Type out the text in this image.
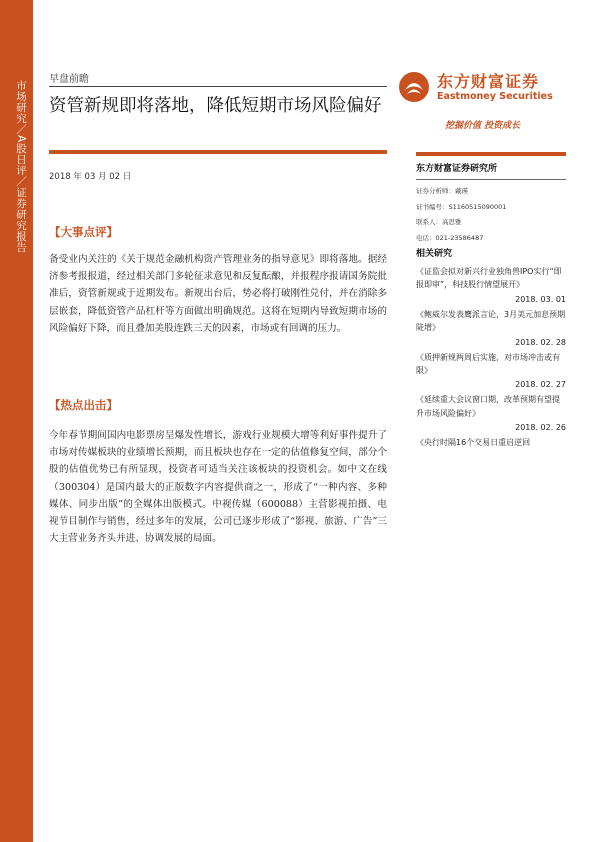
市场研究／A股日评／证券研究报告
早盘前瞻
资管新规即将落地，降低短期市场风险偏好
2018 年 03 月 02 日
东方财富证券
Eastmoney Securities
挖掘价值 投资成长
东方财富证券研究所
证券分析师：戴瑛
证书编号：S1160515090001
联系人：高思雅
电话：021-23586487
相关研究
《证监会拟对新兴行业独角兽IPO实行“即报即审”，科技股行情望展开》
2018. 03. 01
《鲍威尔发表鹰派言论，3月美元加息预期陡增》
2018. 02. 28
《质押新规两周后实施，对市场冲击或有限》
2018. 02. 27
《延续重大会议窗口期，改革预期有望提升市场风险偏好》
2018. 02. 26
《央行时隔16个交易日重启逆回
【大事点评】
备受业内关注的《关于规范金融机构资产管理业务的指导意见》即将落地。据经济参考报报道，经过相关部门多轮征求意见和反复酝酿，并报程序报请国务院批准后，资管新规或于近期发布。新规出台后，势必将打破刚性兑付，并在消除多层嵌套，降低资管产品杠杆等方面做出明确规范。这将在短期内导致短期市场的风险偏好下降，而且叠加美股连跌三天的因素，市场或有回调的压力。
【热点出击】
今年春节期间国内电影票房呈爆发性增长，游戏行业规模大增等利好事件提升了市场对传媒板块的业绩增长预期，而且板块也存在一定的估值修复空间，部分个股的估值优势已有所显现，投资者可适当关注该板块的投资机会。如中文在线（300304）是国内最大的正版数字内容提供商之一，形成了“一种内容、多种媒体、同步出版”的全媒体出版模式。中视传媒（600088）主营影视拍摄、电视节目制作与销售，经过多年的发展，公司已逐步形成了“影视、旅游、广告”三大主营业务齐头并进、协调发展的局面。
